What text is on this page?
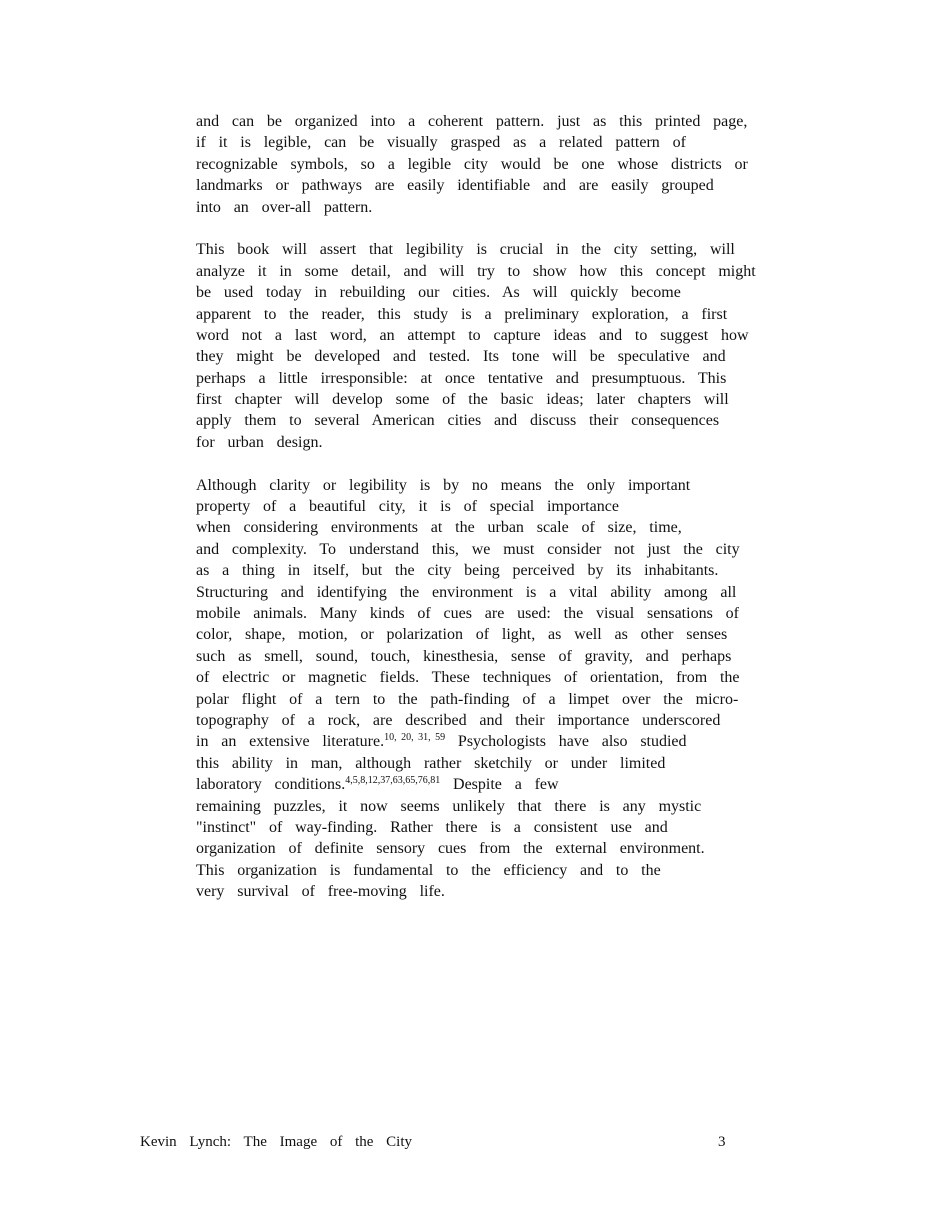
and can be organized into a coherent pattern. just as this printed page,
if it is legible, can be visually grasped as a related pattern of
recognizable symbols, so a legible city would be one whose districts or
landmarks or pathways are easily identifiable and are easily grouped
into an over-all pattern.
This book will assert that legibility is crucial in the city setting, will
analyze it in some detail, and will try to show how this concept might
be used today in rebuilding our cities. As will quickly become
apparent to the reader, this study is a preliminary exploration, a first
word not a last word, an attempt to capture ideas and to suggest how
they might be developed and tested. Its tone will be speculative and
perhaps a little irresponsible: at once tentative and presumptuous. This
first chapter will develop some of the basic ideas; later chapters will
apply them to several American cities and discuss their consequences
for urban design.
Although clarity or legibility is by no means the only important
property of a beautiful city, it is of special importance
when considering environments at the urban scale of size, time,
and complexity. To understand this, we must consider not just the city
as a thing in itself, but the city being perceived by its inhabitants.
Structuring and identifying the environment is a vital ability among all
mobile animals. Many kinds of cues are used: the visual sensations of
color, shape, motion, or polarization of light, as well as other senses
such as smell, sound, touch, kinesthesia, sense of gravity, and perhaps
of electric or magnetic fields. These techniques of orientation, from the
polar flight of a tern to the path-finding of a limpet over the micro-
topography of a rock, are described and their importance underscored
in an extensive literature.$^{10, 20, 31, 59}$ Psychologists have also studied
this ability in man, although rather sketchily or under limited
laboratory conditions.$^{4,5,8,12,37,63,65,76,81}$ Despite a few
remaining puzzles, it now seems unlikely that there is any mystic
"instinct" of way-finding. Rather there is a consistent use and
organization of definite sensory cues from the external environment.
This organization is fundamental to the efficiency and to the
very survival of free-moving life.
Kevin Lynch: The Image of the City	3
